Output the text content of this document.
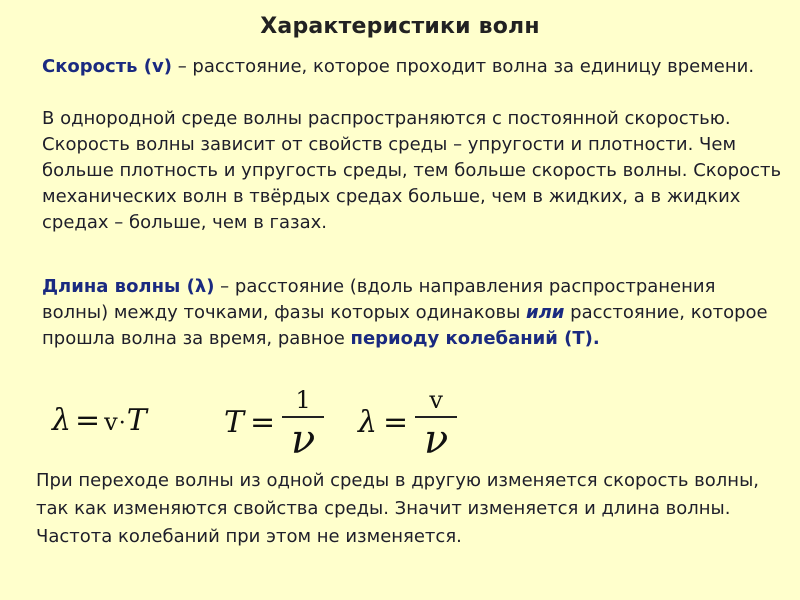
Характеристики волн
Скорость (v) – расстояние, которое проходит волна за единицу времени.
В однородной среде волны распространяются с постоянной скоростью. Скорость волны зависит от свойств среды – упругости и плотности. Чем больше плотность и упругость среды, тем больше скорость волны. Скорость механических волн в твёрдых средах больше, чем в жидких, а в жидких средах – больше, чем в газах.
Длина волны (λ) – расстояние (вдоль направления распространения волны) между точками, фазы которых одинаковы или расстояние, которое прошла волна за время, равное периоду колебаний (T).
λ = v·T	$T = \frac{1}{\nu}$ $\lambda = \frac{v}{\nu}$
При переходе волны из одной среды в другую изменяется скорость волны, так как изменяются свойства среды. Значит изменяется и длина волны. Частота колебаний при этом не изменяется.
